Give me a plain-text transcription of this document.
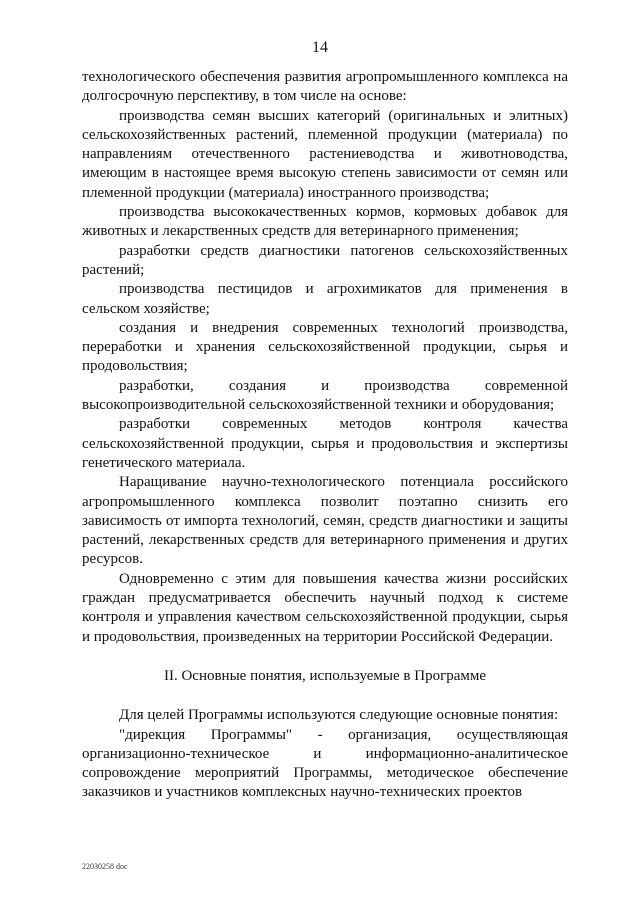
14

технологического обеспечения развития агропромышленного комплекса на долгосрочную перспективу, в том числе на основе:

производства семян высших категорий (оригинальных и элитных) сельскохозяйственных растений, племенной продукции (материала) по направлениям отечественного растениеводства и животноводства, имеющим в настоящее время высокую степень зависимости от семян или племенной продукции (материала) иностранного производства;

производства высококачественных кормов, кормовых добавок для животных и лекарственных средств для ветеринарного применения;

разработки средств диагностики патогенов сельскохозяйственных растений;

производства пестицидов и агрохимикатов для применения в сельском хозяйстве;

создания и внедрения современных технологий производства, переработки и хранения сельскохозяйственной продукции, сырья и продовольствия;

разработки, создания и производства современной высокопроизводительной сельскохозяйственной техники и оборудования;

разработки современных методов контроля качества сельскохозяйственной продукции, сырья и продовольствия и экспертизы генетического материала.

Наращивание научно-технологического потенциала российского агропромышленного комплекса позволит поэтапно снизить его зависимость от импорта технологий, семян, средств диагностики и защиты растений, лекарственных средств для ветеринарного применения и других ресурсов.

Одновременно с этим для повышения качества жизни российских граждан предусматривается обеспечить научный подход к системе контроля и управления качеством сельскохозяйственной продукции, сырья и продовольствия, произведенных на территории Российской Федерации.

II. Основные понятия, используемые в Программе

Для целей Программы используются следующие основные понятия:

"дирекция Программы" - организация, осуществляющая организационно-техническое и информационно-аналитическое сопровождение мероприятий Программы, методическое обеспечение заказчиков и участников комплексных научно-технических проектов

22030258 doc
